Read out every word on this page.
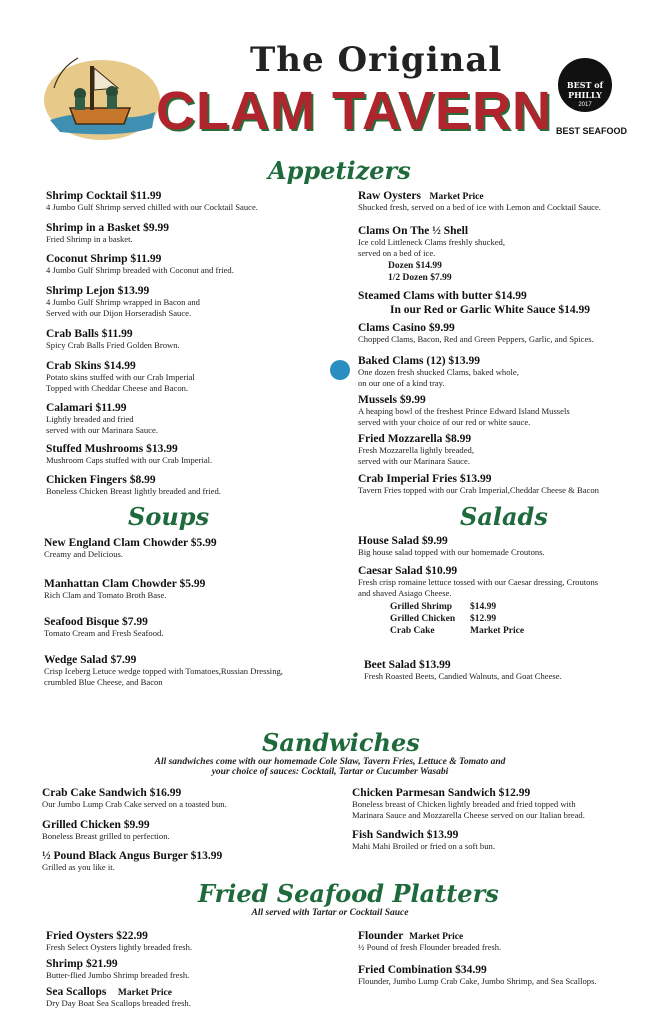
The Original
CLAM TAVERN	BEST of PHILLY
2017
BEST SEAFOOD
Appetizers
Shrimp Cocktail $11.99
4 Jumbo Gulf Shrimp served chilled with our Cocktail Sauce.
Shrimp in a Basket $9.99
Fried Shrimp in a basket.
Coconut Shrimp $11.99
4 Jumbo Gulf Shrimp breaded with Coconut and fried.
Shrimp Lejon $13.99
4 Jumbo Gulf Shrimp wrapped in Bacon and
Served with our Dijon Horseradish Sauce.
Crab Balls $11.99
Spicy Crab Balls Fried Golden Brown.
Crab Skins $14.99
Potato skins stuffed with our Crab Imperial
Topped with Cheddar Cheese and Bacon.
Calamari $11.99
Lightly breaded and fried
served with our Marinara Sauce.
Stuffed Mushrooms $13.99
Mushroom Caps stuffed with our Crab Imperial.
Chicken Fingers $8.99
Boneless Chicken Breast lightly breaded and fried.
Raw Oysters Market Price
Shucked fresh, served on a bed of ice with Lemon and Cocktail Sauce.
Clams On The ½ Shell
Ice cold Littleneck Clams freshly shucked,
served on a bed of ice.
Dozen $14.99
1/2 Dozen $7.99
Steamed Clams with butter $14.99
In our Red or Garlic White Sauce $14.99
Clams Casino $9.99
Chopped Clams, Bacon, Red and Green Peppers, Garlic, and Spices.
Baked Clams (12) $13.99
One dozen fresh shucked Clams, baked whole,
on our one of a kind tray.
Mussels $9.99
A heaping bowl of the freshest Prince Edward Island Mussels
served with your choice of our red or white sauce.
Fried Mozzarella $8.99
Fresh Mozzarella lightly breaded,
served with our Marinara Sauce.
Crab Imperial Fries $13.99
Tavern Fries topped with our Crab Imperial,Cheddar Cheese & Bacon
Soups
New England Clam Chowder $5.99
Creamy and Delicious.
Manhattan Clam Chowder $5.99
Rich Clam and Tomato Broth Base.
Seafood Bisque $7.99
Tomato Cream and Fresh Seafood.
Wedge Salad $7.99
Crisp Iceberg Letuce wedge topped with Tomatoes,Russian Dressing,
crumbled Blue Cheese, and Bacon
Salads
House Salad $9.99
Big house salad topped with our homemade Croutons.
Caesar Salad $10.99
Fresh crisp romaine lettuce tossed with our Caesar dressing, Croutons
and shaved Asiago Cheese.
Grilled Shrimp $14.99
Grilled Chicken $12.99
Crab Cake	Market Price
Beet Salad $13.99
Fresh Roasted Beets, Candied Walnuts, and Goat Cheese.
Sandwiches
All sandwiches come with our homemade Cole Slaw, Tavern Fries, Lettuce & Tomato and
your choice of sauces: Cocktail, Tartar or Cucumber Wasabi
Crab Cake Sandwich $16.99
Our Jumbo Lump Crab Cake served on a toasted bun.
Grilled Chicken $9.99
Boneless Breast grilled to perfection.
½ Pound Black Angus Burger $13.99
Grilled as you like it.
Chicken Parmesan Sandwich $12.99
Boneless breast of Chicken lightly breaded and fried topped with
Marinara Sauce and Mozzarella Cheese served on our Italian bread.
Fish Sandwich $13.99
Mahi Mahi Broiled or fried on a soft bun.
Fried Seafood Platters
All served with Tartar or Cocktail Sauce
Fried Oysters $22.99
Fresh Select Oysters lightly breaded fresh.
Shrimp $21.99
Butter-flied Jumbo Shrimp breaded fresh.
Sea Scallops Market Price
Dry Day Boat Sea Scallops breaded fresh.
Flounder Market Price
½ Pound of fresh Flounder breaded fresh.
Fried Combination $34.99
Flounder, Jumbo Lump Crab Cake, Jumbo Shrimp, and Sea Scallops.
